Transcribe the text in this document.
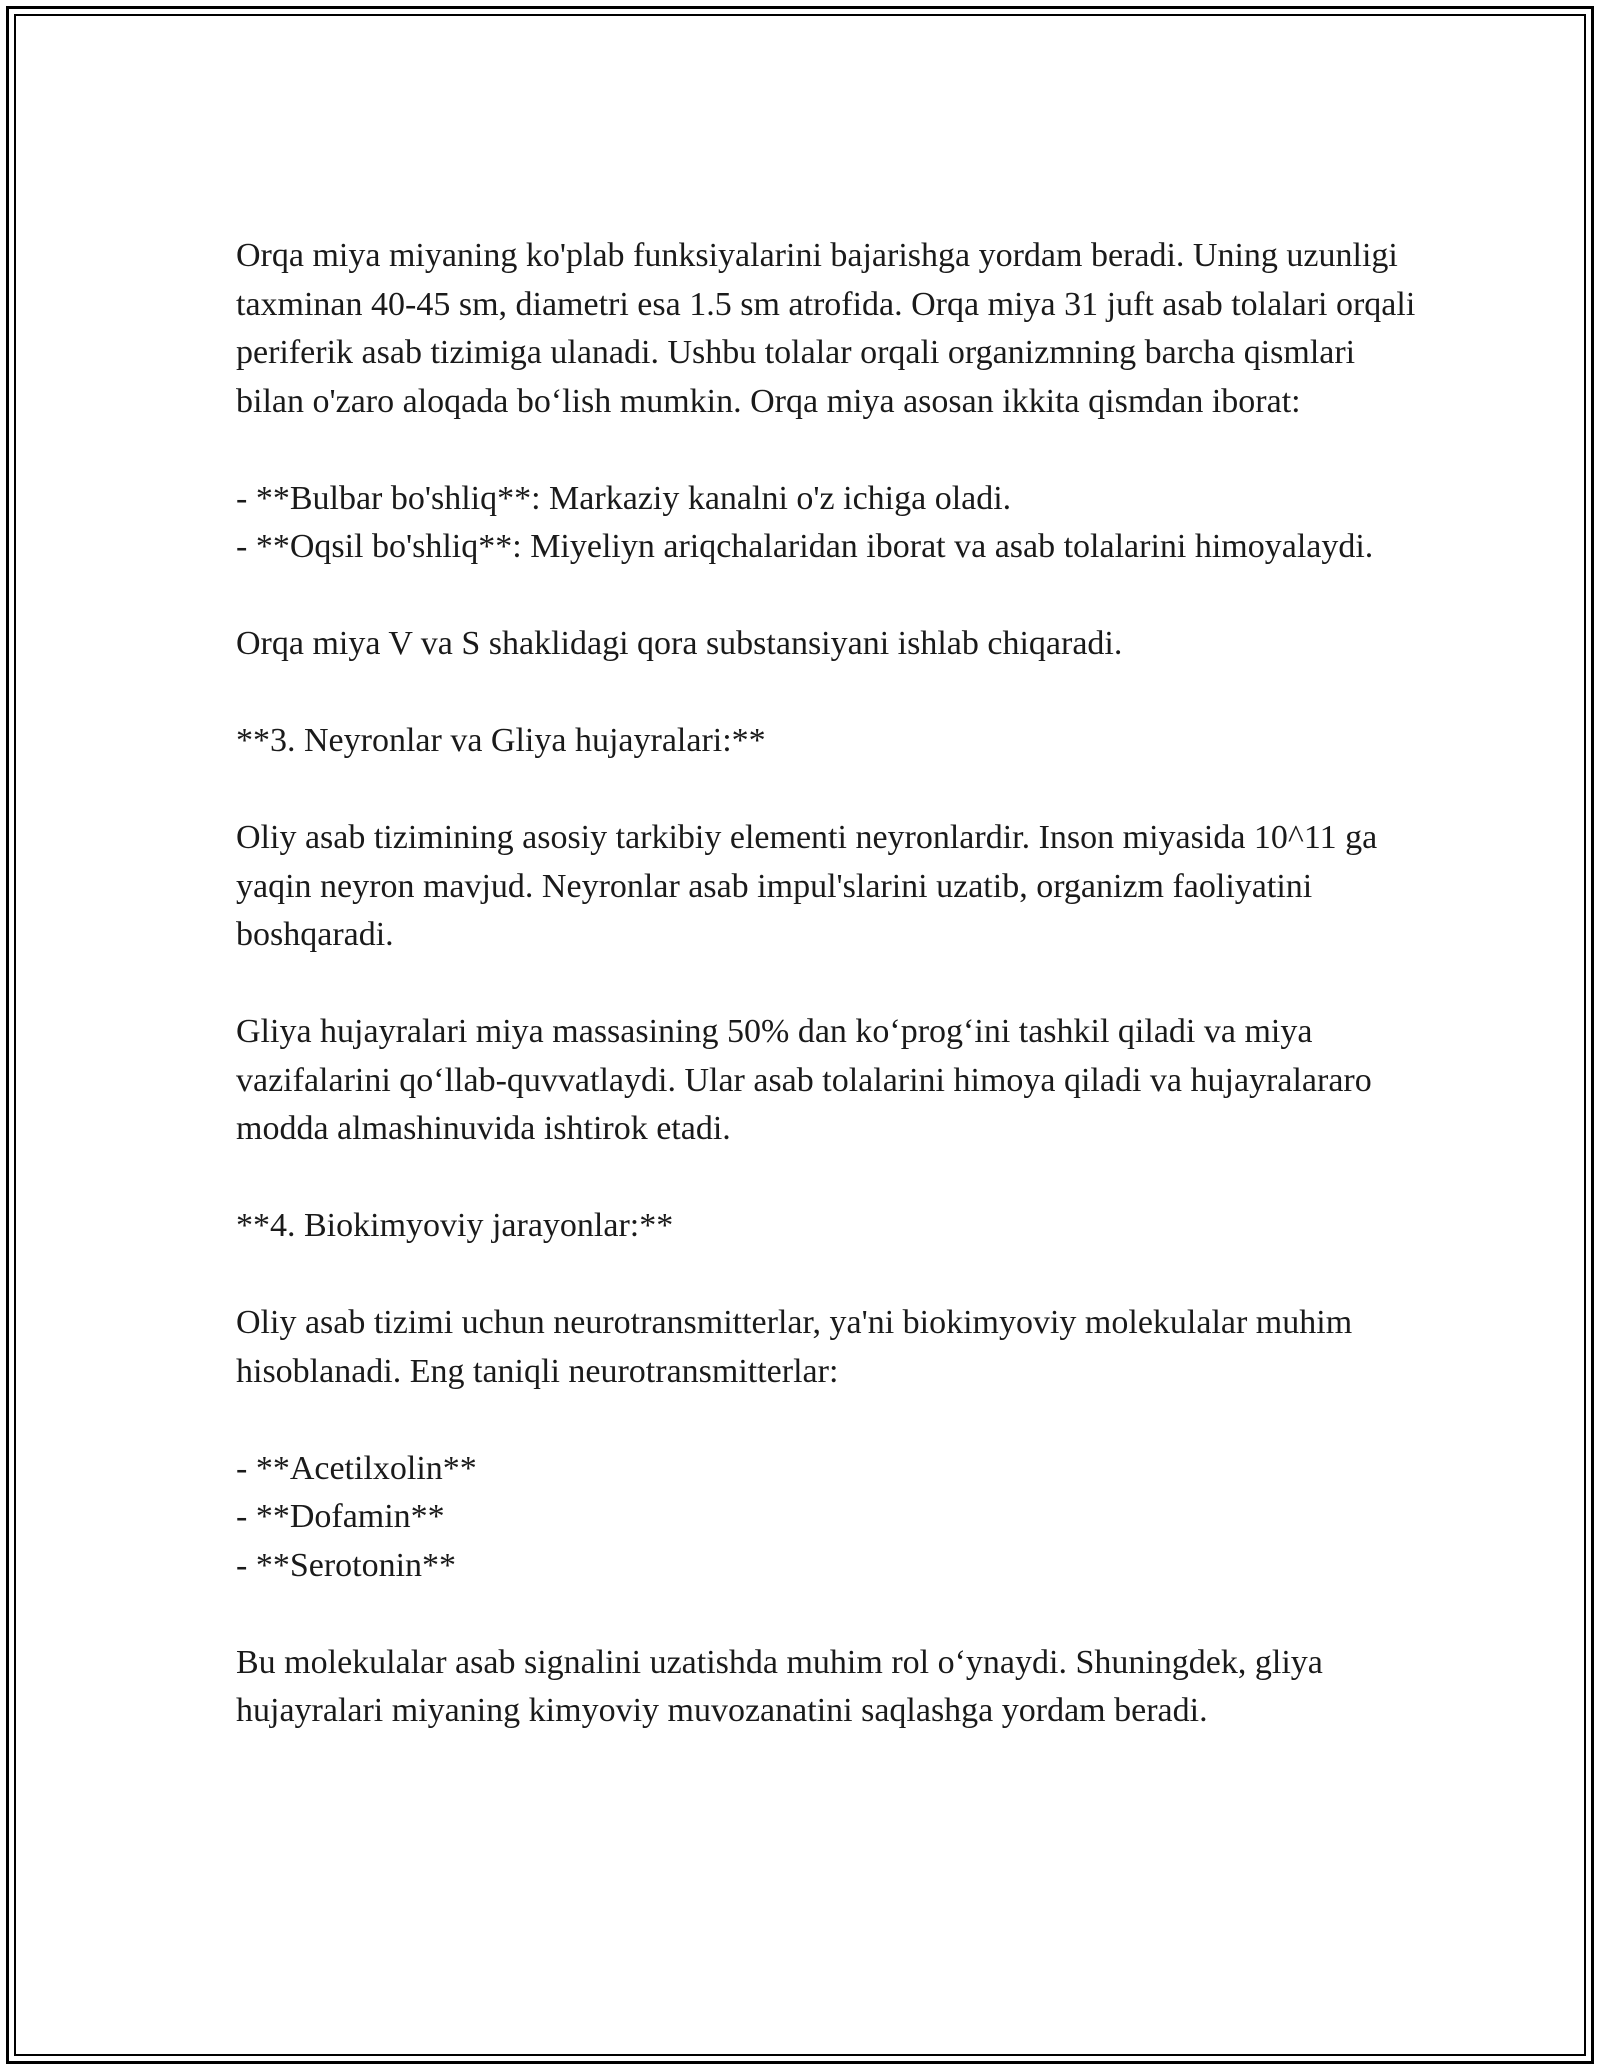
Orqa miya miyaning ko'plab funksiyalarini bajarishga yordam beradi. Uning uzunligi taxminan 40-45 sm, diametri esa 1.5 sm atrofida. Orqa miya 31 juft asab tolalari orqali periferik asab tizimiga ulanadi. Ushbu tolalar orqali organizmning barcha qismlari bilan o'zaro aloqada bo‘lish mumkin. Orqa miya asosan ikkita qismdan iborat:

- **Bulbar bo'shliq**: Markaziy kanalni o'z ichiga oladi.

- **Oqsil bo'shliq**: Miyeliyn ariqchalaridan iborat va asab tolalarini himoyalaydi.

Orqa miya V va S shaklidagi qora substansiyani ishlab chiqaradi.

**3. Neyronlar va Gliya hujayralari:**

Oliy asab tizimining asosiy tarkibiy elementi neyronlardir. Inson miyasida 10^11 ga yaqin neyron mavjud. Neyronlar asab impul'slarini uzatib, organizm faoliyatini boshqaradi.

Gliya hujayralari miya massasining 50% dan ko‘prog‘ini tashkil qiladi va miya vazifalarini qo‘llab-quvvatlaydi. Ular asab tolalarini himoya qiladi va hujayralararo modda almashinuvida ishtirok etadi.

**4. Biokimyoviy jarayonlar:**

Oliy asab tizimi uchun neurotransmitterlar, ya'ni biokimyoviy molekulalar muhim hisoblanadi. Eng taniqli neurotransmitterlar:

- **Acetilxolin**

- **Dofamin**

- **Serotonin**

Bu molekulalar asab signalini uzatishda muhim rol o‘ynaydi. Shuningdek, gliya hujayralari miyaning kimyoviy muvozanatini saqlashga yordam beradi.
